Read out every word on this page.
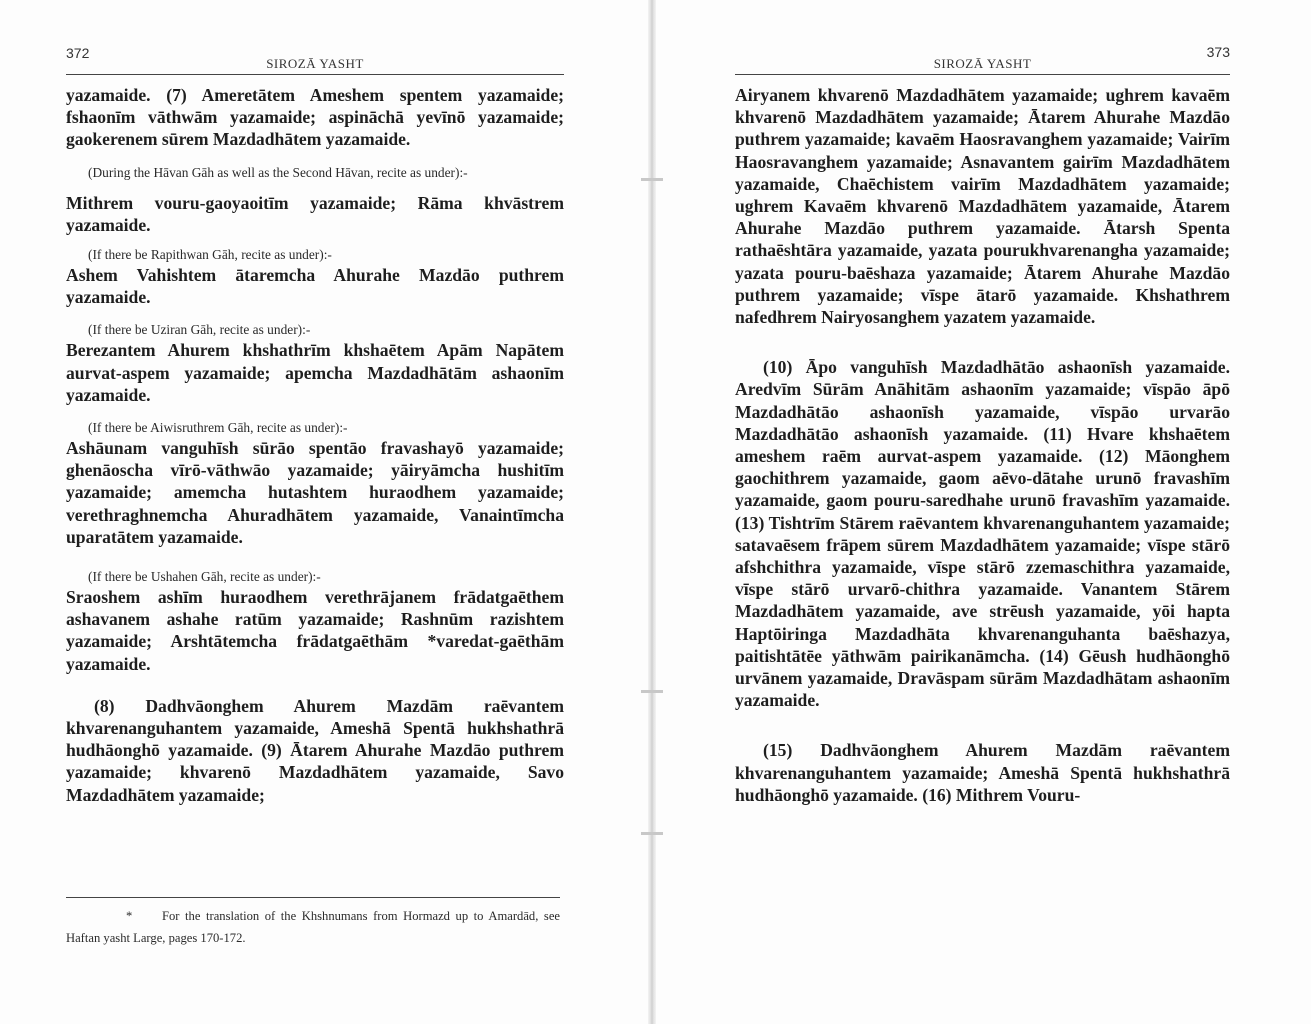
372
SIROZĀ YASHT

yazamaide. (7) Ameretātem Ameshem spentem yazamaide; fshaonīm vāthwām yazamaide; aspināchā yevīnō yazamaide; gaokerenem sūrem Mazdadhātem yazamaide.

(During the Hāvan Gāh as well as the Second Hāvan, recite as under):-

Mithrem vouru-gaoyaoitīm yazamaide; Rāma khvāstrem yazamaide.

(If there be Rapithwan Gāh, recite as under):-

Ashem Vahishtem ātaremcha Ahurahe Mazdāo puthrem yazamaide.

(If there be Uziran Gāh, recite as under):-

Berezantem Ahurem khshathrīm khshaētem Apām Napātem aurvat-aspem yazamaide; apemcha Mazdadhātām ashaonīm yazamaide.

(If there be Aiwisruthrem Gāh, recite as under):-

Ashāunam vanguhīsh sūrāo spentāo fravashayō yazamaide; ghenāoscha vīrō-vāthwāo yazamaide; yāiryāmcha hushitīm yazamaide; amemcha hutashtem huraodhem yazamaide; verethraghnemcha Ahuradhātem yazamaide, Vanaintīmcha uparatātem yazamaide.

(If there be Ushahen Gāh, recite as under):-

Sraoshem ashīm huraodhem verethrājanem frādatgaēthem ashavanem ashahe ratūm yazamaide; Rashnūm razishtem yazamaide; Arshtātemcha frādatgaēthām *varedat-gaēthām yazamaide.

(8) Dadhvāonghem Ahurem Mazdām raēvantem khvarenanguhantem yazamaide, Ameshā Spentā hukhshathrā hudhāonghō yazamaide. (9) Ātarem Ahurahe Mazdāo puthrem yazamaide; khvarenō Mazdadhātem yazamaide, Savo Mazdadhātem yazamaide;

* For the translation of the Khshnumans from Hormazd up to Amardād, see Haftan yasht Large, pages 170-172.
373
SIROZĀ YASHT

Airyanem khvarenō Mazdadhātem yazamaide; ughrem kavaēm khvarenō Mazdadhātem yazamaide; Ātarem Ahurahe Mazdāo puthrem yazamaide; kavaēm Haosravanghem yazamaide; Vairīm Haosravanghem yazamaide; Asnavantem gairīm Mazdadhātem yazamaide, Chaēchistem vairīm Mazdadhātem yazamaide; ughrem Kavaēm khvarenō Mazdadhātem yazamaide, Ātarem Ahurahe Mazdāo puthrem yazamaide. Ātarsh Spenta rathaēshtāra yazamaide, yazata pourukhvarenangha yazamaide; yazata pouru-baēshaza yazamaide; Ātarem Ahurahe Mazdāo puthrem yazamaide; vīspe ātarō yazamaide. Khshathrem nafedhrem Nairyosanghem yazatem yazamaide.

(10) Āpo vanguhīsh Mazdadhātāo ashaonīsh yazamaide. Aredvīm Sūrām Anāhitām ashaonīm yazamaide; vīspāo āpō Mazdadhātāo ashaonīsh yazamaide, vīspāo urvarāo Mazdadhātāo ashaonīsh yazamaide. (11) Hvare khshaētem ameshem raēm aurvat-aspem yazamaide. (12) Māonghem gaochithrem yazamaide, gaom aēvo-dātahe urunō fravashīm yazamaide, gaom pouru-saredhahe urunō fravashīm yazamaide. (13) Tishtrīm Stārem raēvantem khvarenanguhantem yazamaide; satavaēsem frāpem sūrem Mazdadhātem yazamaide; vīspe stārō afshchithra yazamaide, vīspe stārō zzemaschithra yazamaide, vīspe stārō urvarō-chithra yazamaide. Vanantem Stārem Mazdadhātem yazamaide, ave strēush yazamaide, yōi hapta Haptōiringa Mazdadhāta khvarenanguhanta baēshazya, paitishtātēe yāthwām pairikanāmcha. (14) Gēush hudhāonghō urvānem yazamaide, Dravāspam sūrām Mazdadhātam ashaonīm yazamaide.

(15) Dadhvāonghem Ahurem Mazdām raēvantem khvarenanguhantem yazamaide; Ameshā Spentā hukhshathrā hudhāonghō yazamaide. (16) Mithrem Vouru-
